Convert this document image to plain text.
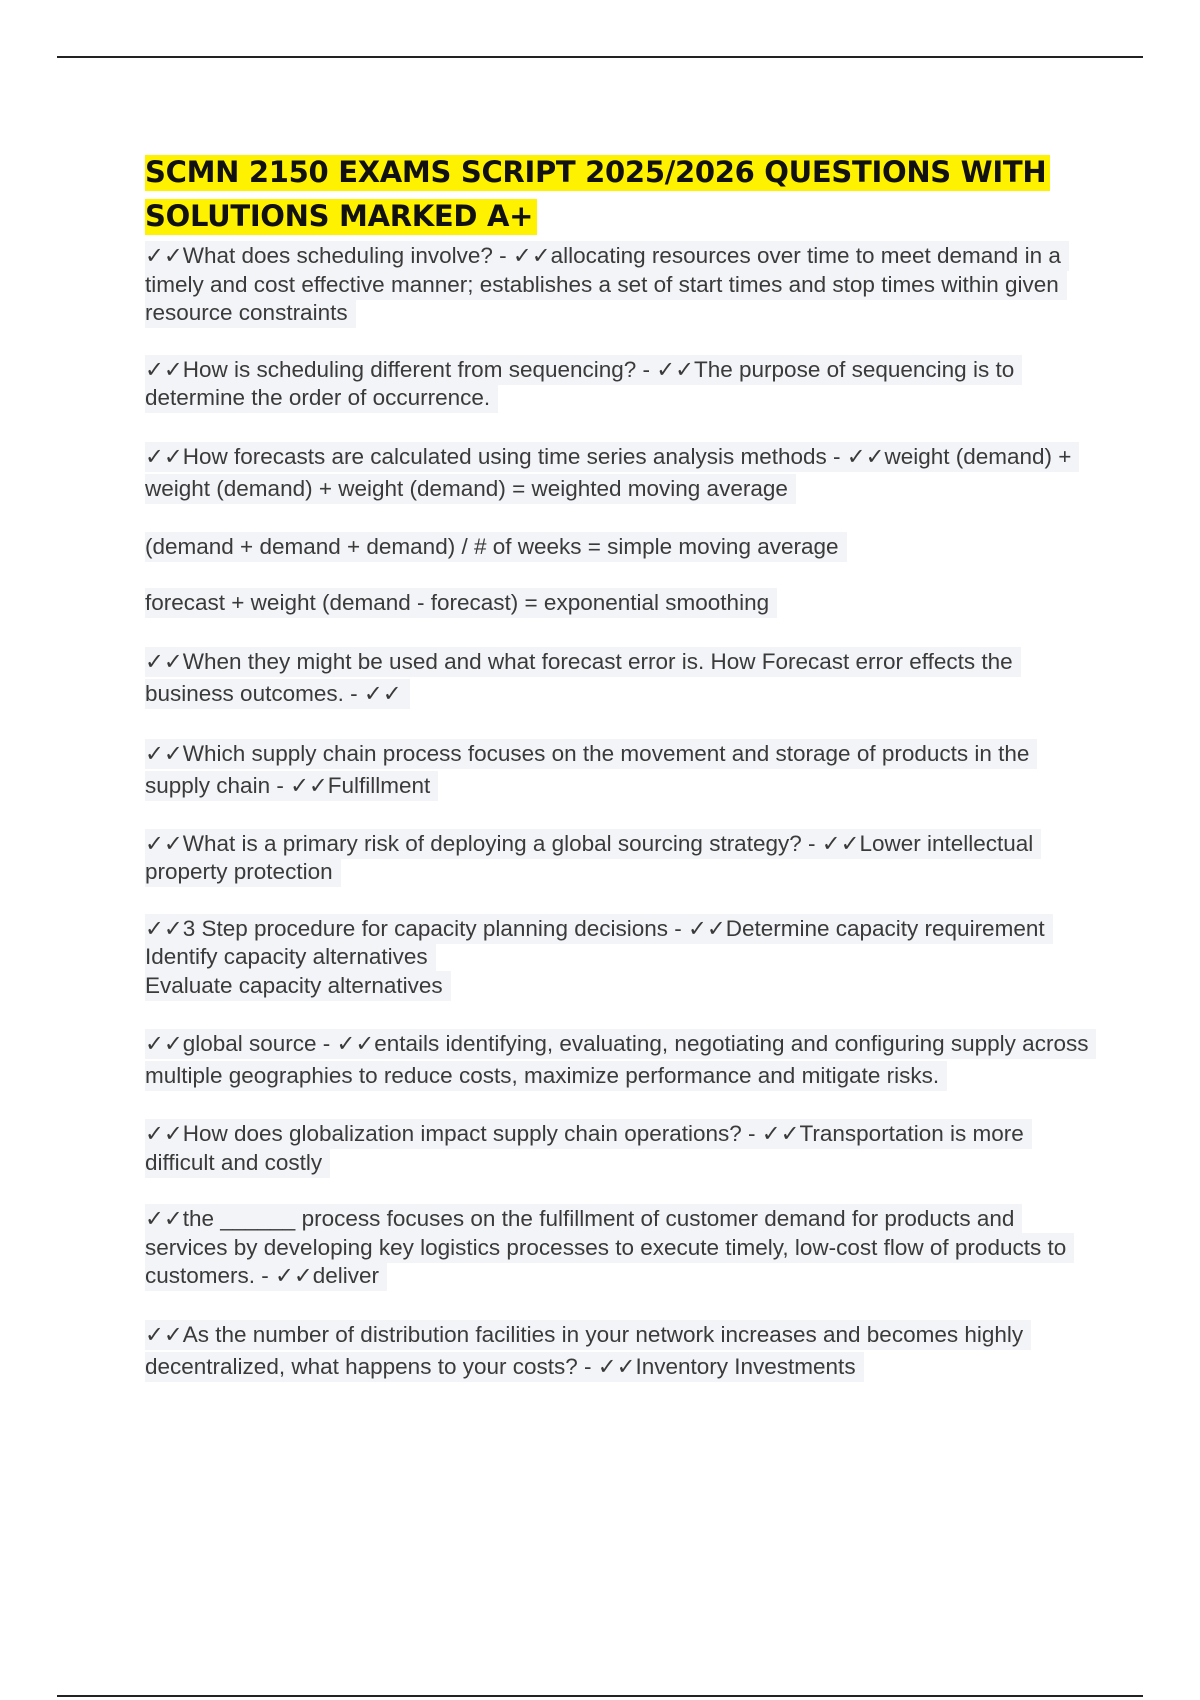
SCMN 2150 EXAMS SCRIPT 2025/2026 QUESTIONS WITH SOLUTIONS MARKED A+

✓✓What does scheduling involve? - ✓✓allocating resources over time to meet demand in a timely and cost effective manner; establishes a set of start times and stop times within given resource constraints

✓✓How is scheduling different from sequencing? - ✓✓The purpose of sequencing is to determine the order of occurrence.

✓✓How forecasts are calculated using time series analysis methods - ✓✓weight (demand) + weight (demand) + weight (demand) = weighted moving average

(demand + demand + demand) / # of weeks = simple moving average

forecast + weight (demand - forecast) = exponential smoothing

✓✓When they might be used and what forecast error is. How Forecast error effects the business outcomes. - ✓✓

✓✓Which supply chain process focuses on the movement and storage of products in the supply chain - ✓✓Fulfillment

✓✓What is a primary risk of deploying a global sourcing strategy? - ✓✓Lower intellectual property protection

✓✓3 Step procedure for capacity planning decisions - ✓✓Determine capacity requirement
Identify capacity alternatives
Evaluate capacity alternatives

✓✓global source - ✓✓entails identifying, evaluating, negotiating and configuring supply across multiple geographies to reduce costs, maximize performance and mitigate risks.

✓✓How does globalization impact supply chain operations? - ✓✓Transportation is more difficult and costly

✓✓the ______ process focuses on the fulfillment of customer demand for products and services by developing key logistics processes to execute timely, low-cost flow of products to customers. - ✓✓deliver

✓✓As the number of distribution facilities in your network increases and becomes highly decentralized, what happens to your costs? - ✓✓Inventory Investments
